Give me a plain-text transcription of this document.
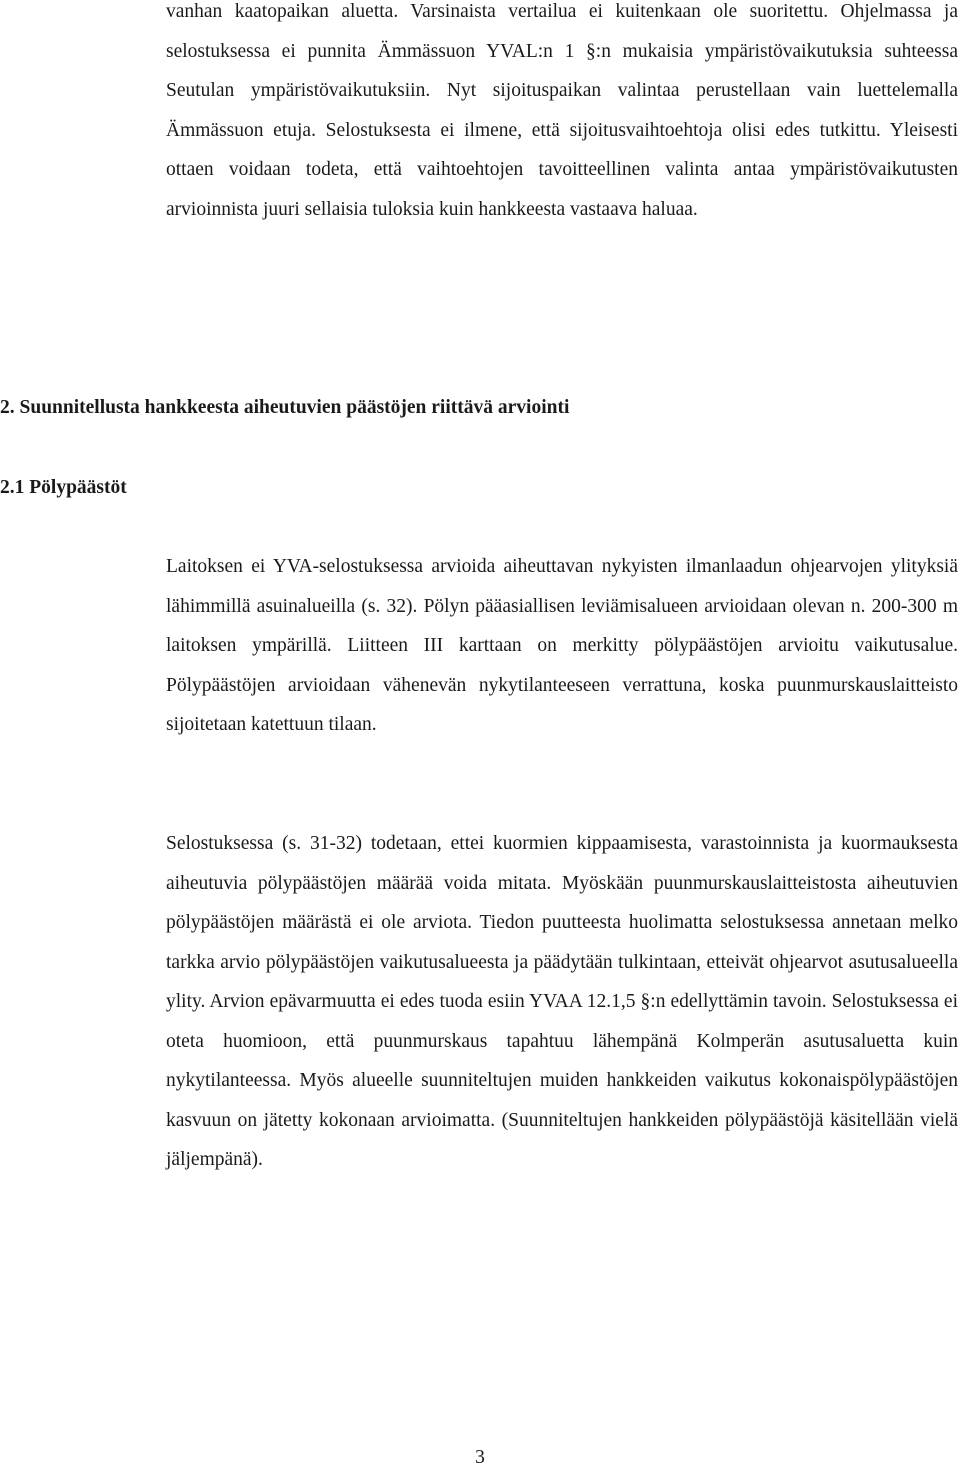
vanhan kaatopaikan aluetta. Varsinaista vertailua ei kuitenkaan ole suoritettu. Ohjelmassa ja selostuksessa ei punnita Ämmässuon YVAL:n 1 §:n mukaisia ympäristövaikutuksia suhteessa Seutulan ympäristövaikutuksiin. Nyt sijoituspaikan valintaa perustellaan vain luettelemalla Ämmässuon etuja. Selostuksesta ei ilmene, että sijoitusvaihtoehtoja olisi edes tutkittu. Yleisesti ottaen voidaan todeta, että vaihtoehtojen tavoitteellinen valinta antaa ympäristövaikutusten arvioinnista juuri sellaisia tuloksia kuin hankkeesta vastaava haluaa.

2. Suunnitellusta hankkeesta aiheutuvien päästöjen riittävä arviointi
2.1 Pölypäästöt

Laitoksen ei YVA-selostuksessa arvioida aiheuttavan nykyisten ilmanlaadun ohjearvojen ylityksiä lähimmillä asuinalueilla (s. 32). Pölyn pääasiallisen leviämisalueen arvioidaan olevan n. 200-300 m laitoksen ympärillä. Liitteen III karttaan on merkitty pölypäästöjen arvioitu vaikutusalue. Pölypäästöjen arvioidaan vähenevän nykytilanteeseen verrattuna, koska puunmurskauslaitteisto sijoitetaan katettuun tilaan.

Selostuksessa (s. 31-32) todetaan, ettei kuormien kippaamisesta, varastoinnista ja kuormauksesta aiheutuvia pölypäästöjen määrää voida mitata. Myöskään puunmurskauslaitteistosta aiheutuvien pölypäästöjen määrästä ei ole arviota. Tiedon puutteesta huolimatta selostuksessa annetaan melko tarkka arvio pölypäästöjen vaikutusalueesta ja päädytään tulkintaan, etteivät ohjearvot asutusalueella ylity. Arvion epävarmuutta ei edes tuoda esiin YVAA 12.1,5 §:n edellyttämin tavoin. Selostuksessa ei oteta huomioon, että puunmurskaus tapahtuu lähempänä Kolmperän asutusaluetta kuin nykytilanteessa. Myös alueelle suunniteltujen muiden hankkeiden vaikutus kokonaispölypäästöjen kasvuun on jätetty kokonaan arvioimatta. (Suunniteltujen hankkeiden pölypäästöjä käsitellään vielä jäljempänä).

3
